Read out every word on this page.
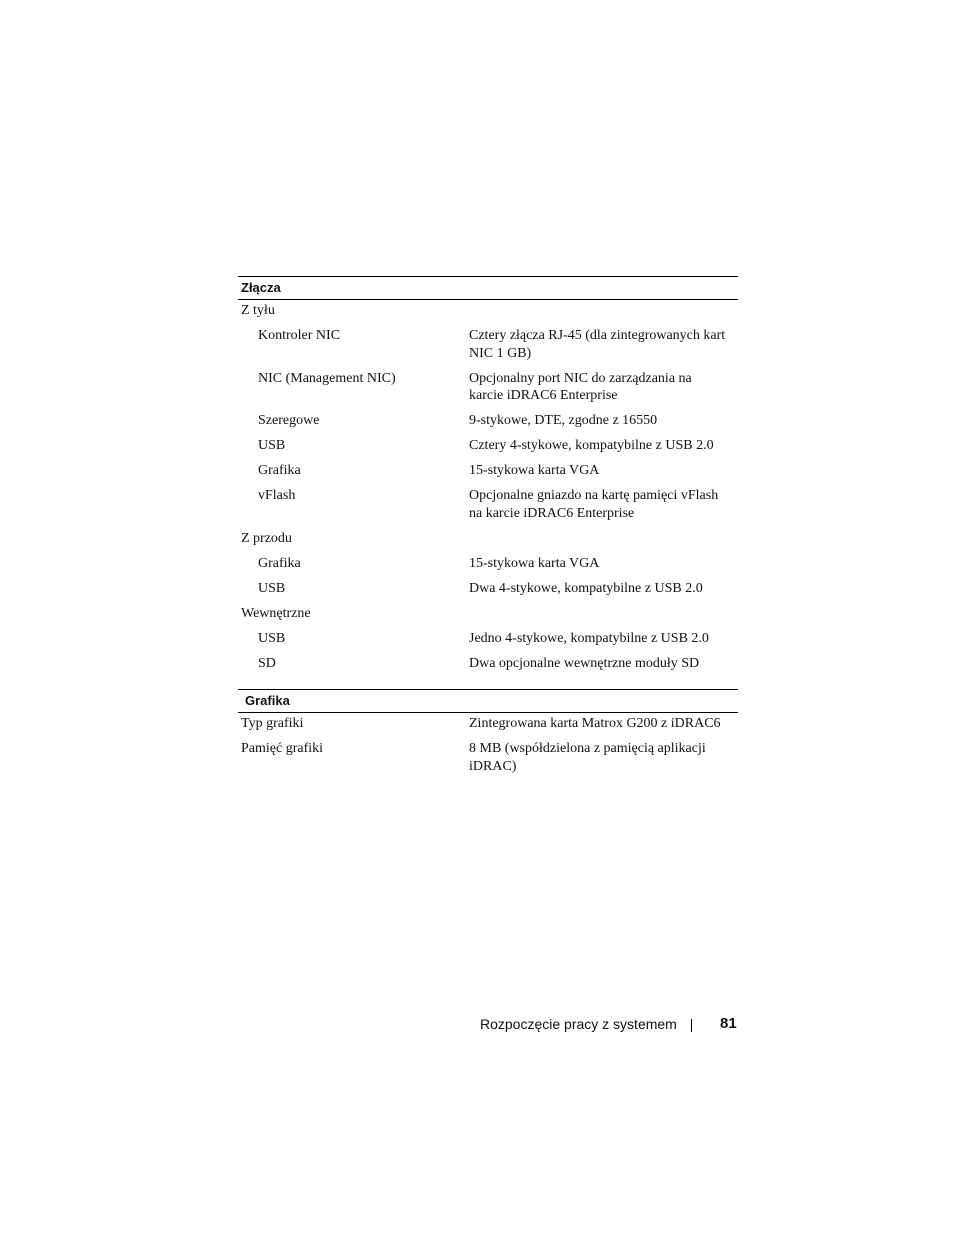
Złącza
Z tyłu
Kontroler NIC	Cztery złącza RJ-45 (dla zintegrowanych kart NIC 1 GB)
NIC (Management NIC)	Opcjonalny port NIC do zarządzania na karcie iDRAC6 Enterprise
Szeregowe	9-stykowe, DTE, zgodne z 16550
USB	Cztery 4-stykowe, kompatybilne z USB 2.0
Grafika	15-stykowa karta VGA
vFlash	Opcjonalne gniazdo na kartę pamięci vFlash na karcie iDRAC6 Enterprise
Z przodu
Grafika	15-stykowa karta VGA
USB	Dwa 4-stykowe, kompatybilne z USB 2.0
Wewnętrzne
USB	Jedno 4-stykowe, kompatybilne z USB 2.0
SD	Dwa opcjonalne wewnętrzne moduły SD
Grafika
Typ grafiki	Zintegrowana karta Matrox G200 z iDRAC6
Pamięć grafiki	8 MB (współdzielona z pamięcią aplikacji iDRAC)
Rozpoczęcie pracy z systemem	81
